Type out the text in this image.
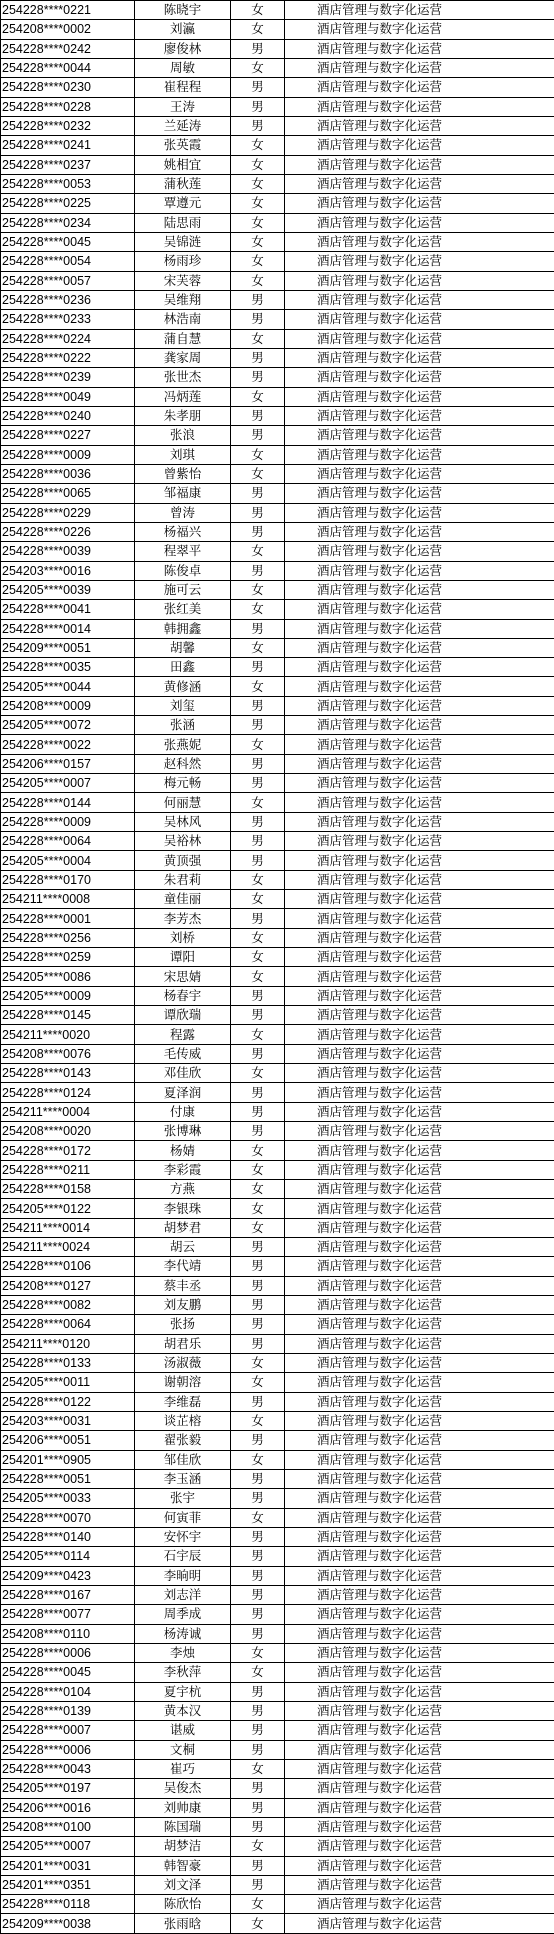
254228****0221	陈晓宇	女	酒店管理与数字化运营
254208****0002	刘瀛	女	酒店管理与数字化运营
254228****0242	廖俊林	男	酒店管理与数字化运营
254228****0044	周敏	女	酒店管理与数字化运营
254228****0230	崔程程	男	酒店管理与数字化运营
254228****0228	王涛	男	酒店管理与数字化运营
254228****0232	兰延涛	男	酒店管理与数字化运营
254228****0241	张英霞	女	酒店管理与数字化运营
254228****0237	姚相宜	女	酒店管理与数字化运营
254228****0053	蒲秋莲	女	酒店管理与数字化运营
254228****0225	覃遵元	女	酒店管理与数字化运营
254228****0234	陆思雨	女	酒店管理与数字化运营
254228****0045	吴锦涟	女	酒店管理与数字化运营
254228****0054	杨雨珍	女	酒店管理与数字化运营
254228****0057	宋芙蓉	女	酒店管理与数字化运营
254228****0236	吴维翔	男	酒店管理与数字化运营
254228****0233	林浩南	男	酒店管理与数字化运营
254228****0224	蒲自慧	女	酒店管理与数字化运营
254228****0222	龚家周	男	酒店管理与数字化运营
254228****0239	张世杰	男	酒店管理与数字化运营
254228****0049	冯炳莲	女	酒店管理与数字化运营
254228****0240	朱孝朋	男	酒店管理与数字化运营
254228****0227	张浪	男	酒店管理与数字化运营
254228****0009	刘琪	女	酒店管理与数字化运营
254228****0036	曾紫怡	女	酒店管理与数字化运营
254228****0065	邹福康	男	酒店管理与数字化运营
254228****0229	曾涛	男	酒店管理与数字化运营
254228****0226	杨福兴	男	酒店管理与数字化运营
254228****0039	程翠平	女	酒店管理与数字化运营
254203****0016	陈俊卓	男	酒店管理与数字化运营
254205****0039	施可云	女	酒店管理与数字化运营
254228****0041	张红美	女	酒店管理与数字化运营
254228****0014	韩拥鑫	男	酒店管理与数字化运营
254209****0051	胡馨	女	酒店管理与数字化运营
254228****0035	田鑫	男	酒店管理与数字化运营
254205****0044	黄修涵	女	酒店管理与数字化运营
254208****0009	刘玺	男	酒店管理与数字化运营
254205****0072	张涵	男	酒店管理与数字化运营
254228****0022	张燕妮	女	酒店管理与数字化运营
254206****0157	赵科然	男	酒店管理与数字化运营
254205****0007	梅元畅	男	酒店管理与数字化运营
254228****0144	何丽慧	女	酒店管理与数字化运营
254228****0009	吴林风	男	酒店管理与数字化运营
254228****0064	吴裕林	男	酒店管理与数字化运营
254205****0004	黄顶强	男	酒店管理与数字化运营
254228****0170	朱君莉	女	酒店管理与数字化运营
254211****0008	童佳丽	女	酒店管理与数字化运营
254228****0001	李芳杰	男	酒店管理与数字化运营
254228****0256	刘桥	女	酒店管理与数字化运营
254228****0259	谭阳	女	酒店管理与数字化运营
254205****0086	宋思婧	女	酒店管理与数字化运营
254205****0009	杨春宇	男	酒店管理与数字化运营
254228****0145	谭欣瑞	男	酒店管理与数字化运营
254211****0020	程露	女	酒店管理与数字化运营
254208****0076	毛传威	男	酒店管理与数字化运营
254228****0143	邓佳欣	女	酒店管理与数字化运营
254228****0124	夏泽润	男	酒店管理与数字化运营
254211****0004	付康	男	酒店管理与数字化运营
254208****0020	张博琳	男	酒店管理与数字化运营
254228****0172	杨婧	女	酒店管理与数字化运营
254228****0211	李彩霞	女	酒店管理与数字化运营
254228****0158	方燕	女	酒店管理与数字化运营
254205****0122	李银珠	女	酒店管理与数字化运营
254211****0014	胡梦君	女	酒店管理与数字化运营
254211****0024	胡云	男	酒店管理与数字化运营
254228****0106	李代靖	男	酒店管理与数字化运营
254208****0127	蔡丰丞	男	酒店管理与数字化运营
254228****0082	刘友鹏	男	酒店管理与数字化运营
254228****0064	张扬	男	酒店管理与数字化运营
254211****0120	胡君乐	男	酒店管理与数字化运营
254228****0133	汤淑薇	女	酒店管理与数字化运营
254205****0011	谢朝溶	女	酒店管理与数字化运营
254228****0122	李维磊	男	酒店管理与数字化运营
254203****0031	谈芷榕	女	酒店管理与数字化运营
254206****0051	翟张毅	男	酒店管理与数字化运营
254201****0905	邹佳欣	女	酒店管理与数字化运营
254228****0051	李玉涵	男	酒店管理与数字化运营
254205****0033	张宇	男	酒店管理与数字化运营
254228****0070	何寅菲	女	酒店管理与数字化运营
254228****0140	安怀宇	男	酒店管理与数字化运营
254205****0114	石宇辰	男	酒店管理与数字化运营
254209****0423	李晌明	男	酒店管理与数字化运营
254228****0167	刘志洋	男	酒店管理与数字化运营
254228****0077	周季成	男	酒店管理与数字化运营
254208****0110	杨涛诚	男	酒店管理与数字化运营
254228****0006	李烛	女	酒店管理与数字化运营
254228****0045	李秋萍	女	酒店管理与数字化运营
254228****0104	夏宇杭	男	酒店管理与数字化运营
254228****0139	黄本汉	男	酒店管理与数字化运营
254228****0007	谌威	男	酒店管理与数字化运营
254228****0006	文桐	男	酒店管理与数字化运营
254228****0043	崔巧	女	酒店管理与数字化运营
254205****0197	吴俊杰	男	酒店管理与数字化运营
254206****0016	刘帅康	男	酒店管理与数字化运营
254208****0100	陈国瑞	男	酒店管理与数字化运营
254205****0007	胡梦洁	女	酒店管理与数字化运营
254201****0031	韩智豪	男	酒店管理与数字化运营
254201****0351	刘文泽	男	酒店管理与数字化运营
254228****0118	陈欣怡	女	酒店管理与数字化运营
254209****0038	张雨晗	女	酒店管理与数字化运营
